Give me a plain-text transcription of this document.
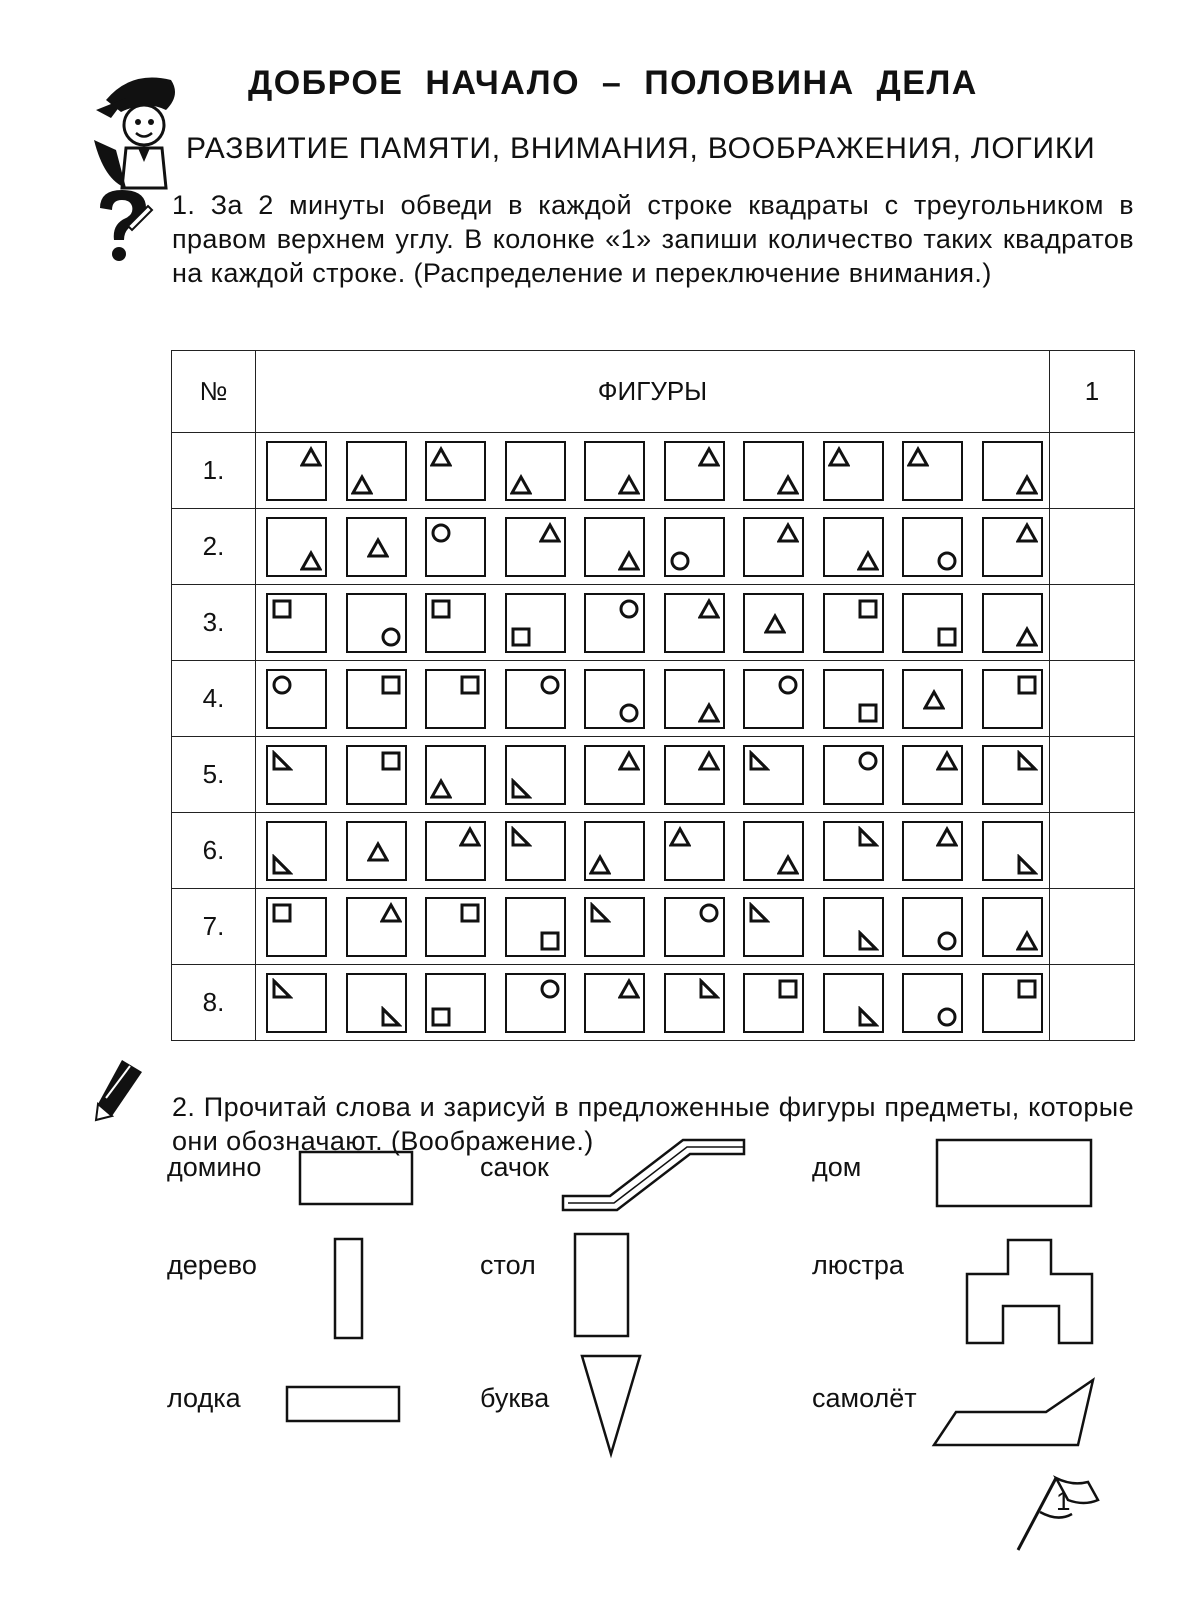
ДОБРОЕ  НАЧАЛО  –  ПОЛОВИНА  ДЕЛА
РАЗВИТИЕ ПАМЯТИ, ВНИМАНИЯ, ВООБРАЖЕНИЯ, ЛОГИКИ
1. За 2 минуты обведи в каждой строке квадраты с треугольником в правом верхнем углу. В колонке «1» запиши количество таких квадратов на каждой строке. (Распределение и переключение внимания.)
№	ФИГУРЫ	1
1.	

2.	

3.	

4.	

5.	

6.	

7.	

8.	

2. Прочитай слова и зарисуй в предложенные фигуры предметы, которые они обозначают. (Воображение.)
домино	сачок	дом
дерево	стол	люстра
лодка	буква	самолёт
1
